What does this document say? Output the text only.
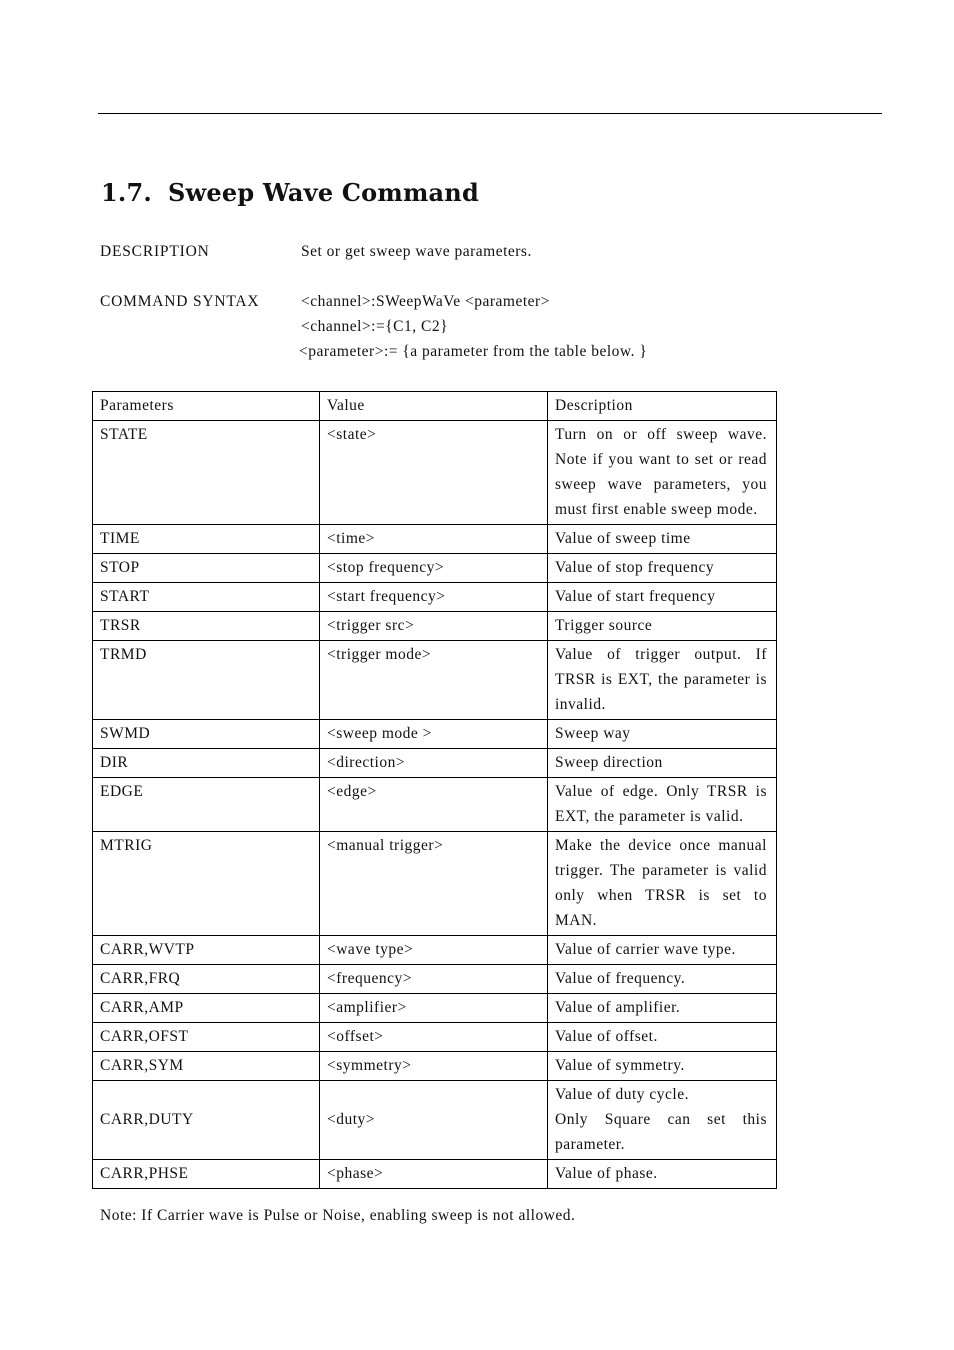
1.7. Sweep Wave Command
DESCRIPTION	Set or get sweep wave parameters.
COMMAND SYNTAX	<channel>:SWeepWaVe <parameter>
<channel>:={C1, C2}
<parameter>:= {a parameter from the table below. }
Parameters	Value	Description
STATE	<state>	Turn on or off sweep wave. Note if you want to set or read sweep wave parameters, you must first enable sweep mode.
TIME	<time>	Value of sweep time
STOP	<stop frequency>	Value of stop frequency
START	<start frequency>	Value of start frequency
TRSR	<trigger src>	Trigger source
TRMD	<trigger mode>	Value of trigger output. If TRSR is EXT, the parameter is invalid.
SWMD	<sweep mode >	Sweep way
DIR	<direction>	Sweep direction
EDGE	<edge>	Value of edge. Only TRSR is EXT, the parameter is valid.
MTRIG	<manual trigger>	Make the device once manual trigger. The parameter is valid only when TRSR is set to MAN.
CARR,WVTP	<wave type>	Value of carrier wave type.
CARR,FRQ	<frequency>	Value of frequency.
CARR,AMP	<amplifier>	Value of amplifier.
CARR,OFST	<offset>	Value of offset.
CARR,SYM	<symmetry>	Value of symmetry.
CARR,DUTY	<duty>	Value of duty cycle.
Only Square can set this parameter.

CARR,PHSE	<phase>	Value of phase.
Note: If Carrier wave is Pulse or Noise, enabling sweep is not allowed.
